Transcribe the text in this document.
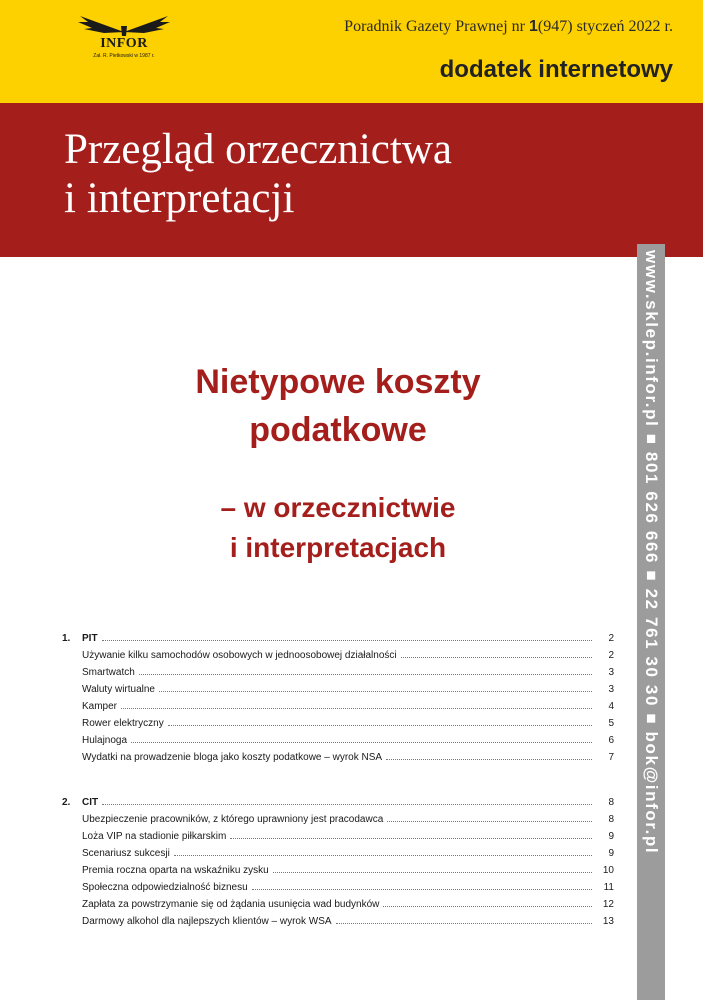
INFOR
Zał. R. Pietkowski w 1987 r.
Poradnik Gazety Prawnej nr 1(947) styczeń 2022 r.
dodatek internetowy
Przegląd orzecznictwa
i interpretacji
www.sklep.infor.pl ■ 801 626 666 ■ 22 761 30 30 ■ bok@infor.pl
Nietypowe koszty
podatkowe
– w orzecznictwie
i interpretacjach
1. PIT	2
Używanie kilku samochodów osobowych w jednoosobowej działalności	2
Smartwatch	3
Waluty wirtualne	3
Kamper	4
Rower elektryczny	5
Hulajnoga	6
Wydatki na prowadzenie bloga jako koszty podatkowe – wyrok NSA	7
2. CIT	8
Ubezpieczenie pracowników, z którego uprawniony jest pracodawca	8
Loża VIP na stadionie piłkarskim	9
Scenariusz sukcesji	9
Premia roczna oparta na wskaźniku zysku	10
Społeczna odpowiedzialność biznesu	11
Zapłata za powstrzymanie się od żądania usunięcia wad budynków	12
Darmowy alkohol dla najlepszych klientów – wyrok WSA	13
